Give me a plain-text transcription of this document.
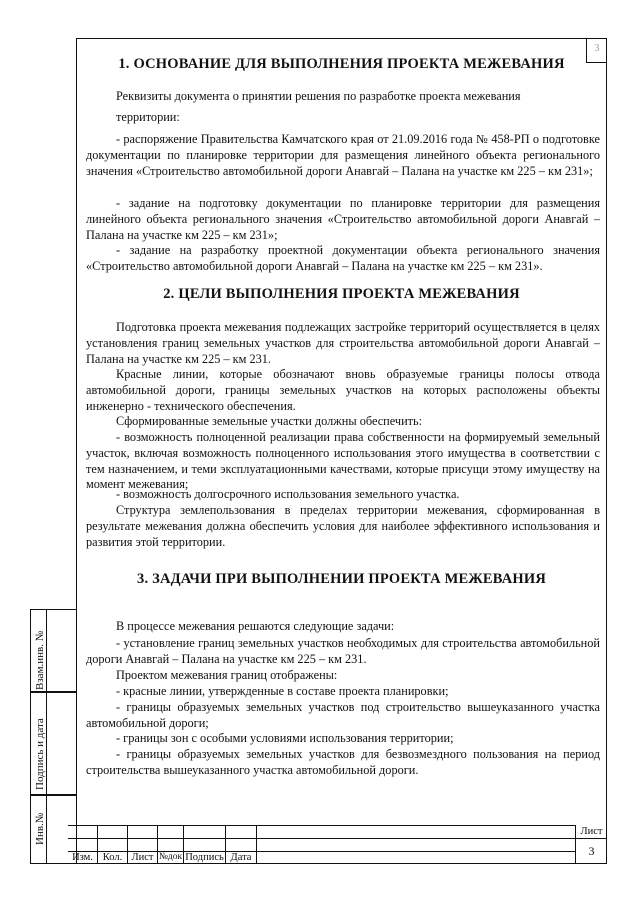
3
1. ОСНОВАНИЕ ДЛЯ ВЫПОЛНЕНИЯ ПРОЕКТА МЕЖЕВАНИЯ

Реквизиты документа о принятии решения по разработке проекта межевания

территории:

- распоряжение Правительства Камчатского края от 21.09.2016 года № 458-РП о подготовке документации по планировке территории для размещения линейного объекта регионального значения «Строительство автомобильной дороги Анавгай – Палана на участке км 225 – км 231»;

- задание на подготовку документации по планировке территории для размещения линейного объекта регионального значения «Строительство автомобильной дороги Анавгай – Палана на участке км 225 – км 231»;

- задание на разработку проектной документации объекта регионального значения «Строительство автомобильной дороги Анавгай – Палана на участке км 225 – км 231».

2. ЦЕЛИ ВЫПОЛНЕНИЯ ПРОЕКТА МЕЖЕВАНИЯ

Подготовка проекта межевания подлежащих застройке территорий осуществляется в целях установления границ земельных участков для строительства автомобильной дороги Анавгай – Палана на участке км 225 – км 231.

Красные линии, которые обозначают вновь образуемые границы полосы отвода автомобильной дороги, границы земельных участков на которых расположены объекты инженерно - технического обеспечения.

Сформированные земельные участки должны обеспечить:

- возможность полноценной реализации права собственности на формируемый земельный участок, включая возможность полноценного использования этого имущества в соответствии с тем назначением, и теми эксплуатационными качествами, которые присущи этому имуществу на момент межевания;

- возможность долгосрочного использования земельного участка.

Структура землепользования в пределах территории межевания, сформированная в результате межевания должна обеспечить условия для наиболее эффективного использования и развития этой территории.

3. ЗАДАЧИ ПРИ ВЫПОЛНЕНИИ ПРОЕКТА МЕЖЕВАНИЯ

В процессе межевания решаются следующие задачи:

- установление границ земельных участков необходимых для строительства автомобильной дороги Анавгай – Палана на участке км 225 – км 231.

Проектом межевания границ отображены:

- красные линии, утвержденные в составе проекта планировки;

- границы образуемых земельных участков под строительство вышеуказанного участка автомобильной дороги;

- границы зон с особыми условиями использования территории;

- границы образуемых земельных участков для безвозмездного пользования на период строительства вышеуказанного участка автомобильной дороги.

Взам.инв. №
Подпись и дата
Инв.№
Изм. Кол. Лист №док Подпись Дата
Лист
3
